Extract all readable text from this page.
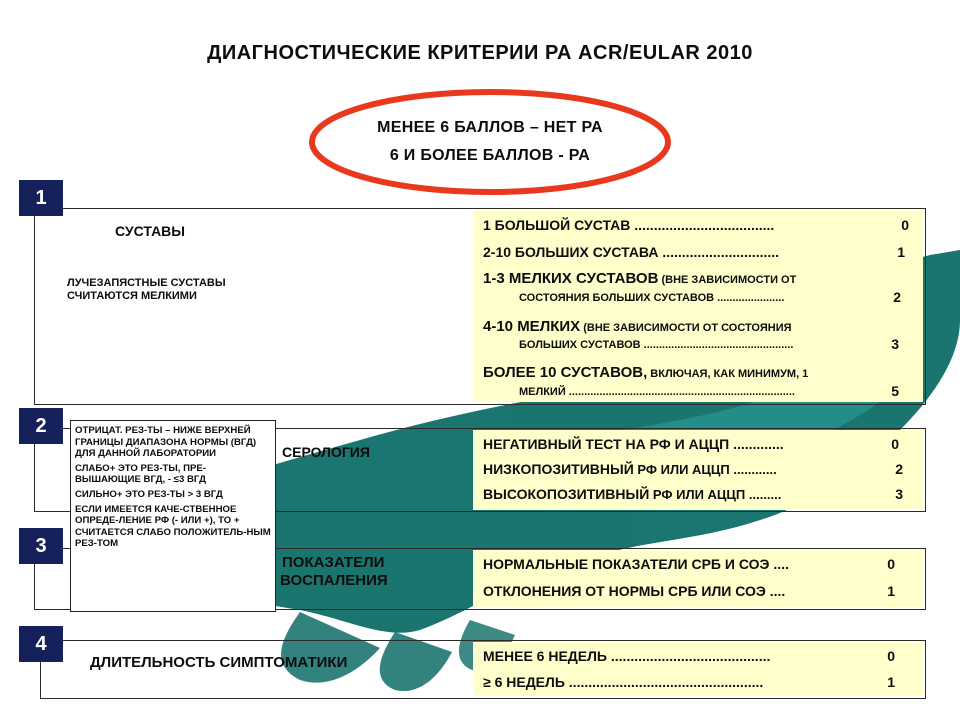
ДИАГНОСТИЧЕСКИЕ КРИТЕРИИ РА ACR/EULAR 2010
МЕНЕЕ 6 БАЛЛОВ – НЕТ РА
6 И БОЛЕЕ БАЛЛОВ - РА
1
СУСТАВЫ
ЛУЧЕЗАПЯСТНЫЕ СУСТАВЫ СЧИТАЮТСЯ МЕЛКИМИ
1 БОЛЬШОЙ СУСТАВ ....................................	0
2-10 БОЛЬШИХ СУСТАВА ..............................	1
1-3 МЕЛКИХ СУСТАВОВ (ВНЕ ЗАВИСИМОСТИ ОТ
СОСТОЯНИЯ БОЛЬШИХ СУСТАВОВ ......................	2
4-10 МЕЛКИХ (ВНЕ ЗАВИСИМОСТИ ОТ СОСТОЯНИЯ
БОЛЬШИХ СУСТАВОВ .................................................	3
БОЛЕЕ 10 СУСТАВОВ, ВКЛЮЧАЯ, КАК МИНИМУМ, 1
МЕЛКИЙ ..........................................................................	5
2
СЕРОЛОГИЯ	НЕГАТИВНЫЙ ТЕСТ НА РФ И АЦЦП .............	0
НИЗКОПОЗИТИВНЫЙ РФ ИЛИ АЦЦП ............	2
ВЫСОКОПОЗИТИВНЫЙ РФ ИЛИ АЦЦП .........	3
3
ПОКАЗАТЕЛИ
ВОСПАЛЕНИЯ
НОРМАЛЬНЫЕ ПОКАЗАТЕЛИ СРБ И СОЭ ....	0
ОТКЛОНЕНИЯ ОТ НОРМЫ СРБ ИЛИ СОЭ ....	1
4
ДЛИТЕЛЬНОСТЬ СИМПТОМАТИКИ	МЕНЕЕ 6 НЕДЕЛЬ .........................................	0
≥ 6 НЕДЕЛЬ ..................................................	1

ОТРИЦАТ. РЕЗ-ТЫ – НИЖЕ ВЕРХНЕЙ ГРАНИЦЫ ДИАПАЗОНА НОРМЫ (ВГД) ДЛЯ ДАННОЙ ЛАБОРАТОРИИ

СЛАБО+ ЭТО РЕЗ-ТЫ, ПРЕ-ВЫШАЮЩИЕ ВГД, - ≤3 ВГД

СИЛЬНО+ ЭТО РЕЗ-ТЫ > 3 ВГД

ЕСЛИ ИМЕЕТСЯ КАЧЕ-СТВЕННОЕ ОПРЕДЕ-ЛЕНИЕ РФ (- ИЛИ +), ТО + СЧИТАЕТСЯ СЛАБО ПОЛОЖИТЕЛЬ-НЫМ РЕЗ-ТОМ
